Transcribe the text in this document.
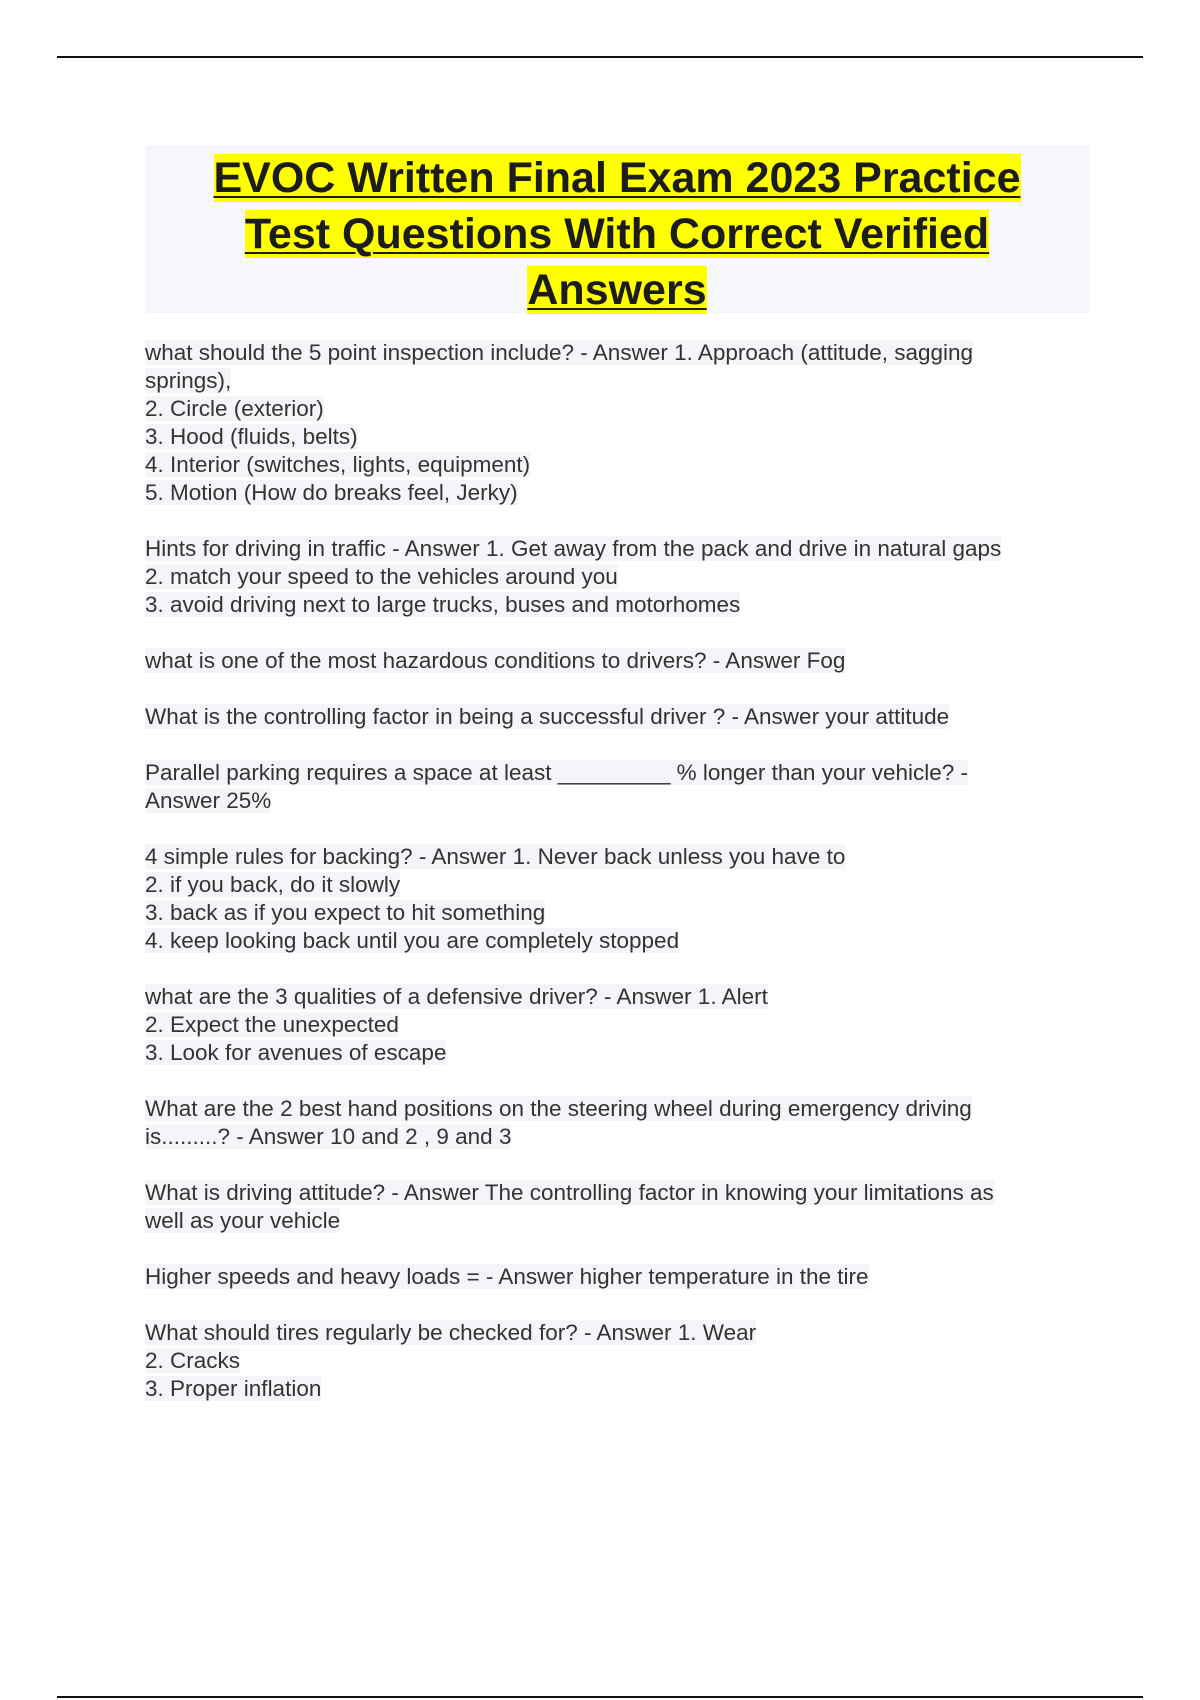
EVOC Written Final Exam 2023 Practice
Test Questions With Correct Verified
Answers
what should the 5 point inspection include? - Answer 1. Approach (attitude, sagging
springs),
2. Circle (exterior)
3. Hood (fluids, belts)
4. Interior (switches, lights, equipment)
5. Motion (How do breaks feel, Jerky)
Hints for driving in traffic - Answer 1. Get away from the pack and drive in natural gaps
2. match your speed to the vehicles around you
3. avoid driving next to large trucks, buses and motorhomes
what is one of the most hazardous conditions to drivers? - Answer Fog
What is the controlling factor in being a successful driver ? - Answer your attitude
Parallel parking requires a space at least _________ % longer than your vehicle? -
Answer 25%
4 simple rules for backing? - Answer 1. Never back unless you have to
2. if you back, do it slowly
3. back as if you expect to hit something
4. keep looking back until you are completely stopped
what are the 3 qualities of a defensive driver? - Answer 1. Alert
2. Expect the unexpected
3. Look for avenues of escape
What are the 2 best hand positions on the steering wheel during emergency driving
is.........? - Answer 10 and 2 , 9 and 3
What is driving attitude? - Answer The controlling factor in knowing your limitations as
well as your vehicle
Higher speeds and heavy loads = - Answer higher temperature in the tire
What should tires regularly be checked for? - Answer 1. Wear
2. Cracks
3. Proper inflation
